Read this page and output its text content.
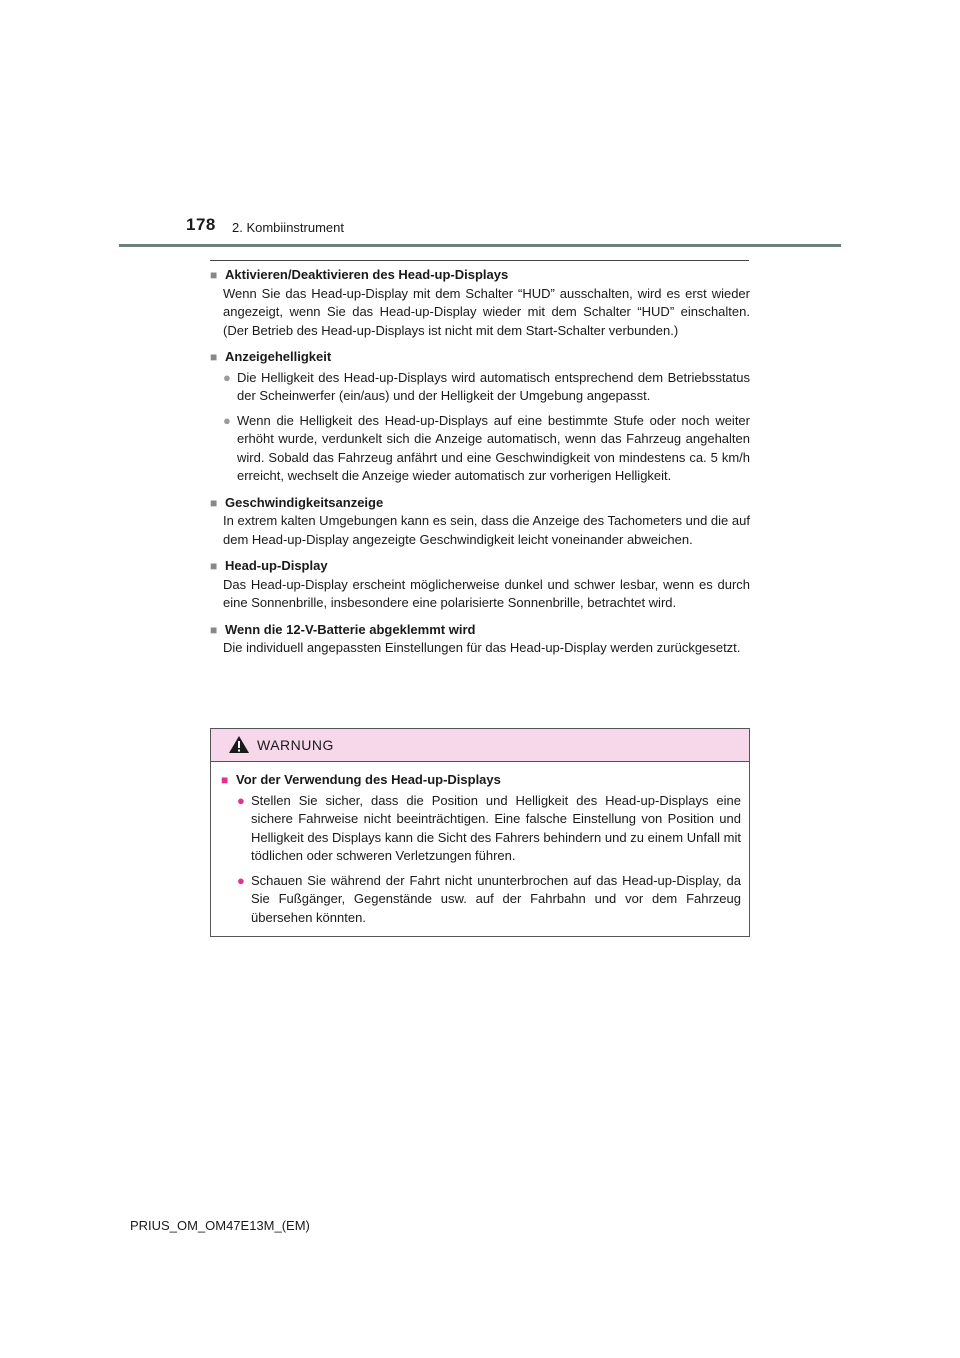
178 2. Kombiinstrument
■ Aktivieren/Deaktivieren des Head-up-Displays
Wenn Sie das Head-up-Display mit dem Schalter “HUD” ausschalten, wird es erst wieder angezeigt, wenn Sie das Head-up-Display wieder mit dem Schalter “HUD” einschalten. (Der Betrieb des Head-up-Displays ist nicht mit dem Start-Schalter verbunden.)
■ Anzeigehelligkeit
● Die Helligkeit des Head-up-Displays wird automatisch entsprechend dem Betriebsstatus der Scheinwerfer (ein/aus) und der Helligkeit der Umgebung angepasst.
● Wenn die Helligkeit des Head-up-Displays auf eine bestimmte Stufe oder noch weiter erhöht wurde, verdunkelt sich die Anzeige automatisch, wenn das Fahrzeug angehalten wird. Sobald das Fahrzeug anfährt und eine Geschwindigkeit von mindestens ca. 5 km/h erreicht, wechselt die Anzeige wieder automatisch zur vorherigen Helligkeit.
■ Geschwindigkeitsanzeige
In extrem kalten Umgebungen kann es sein, dass die Anzeige des Tachometers und die auf dem Head-up-Display angezeigte Geschwindigkeit leicht voneinander abweichen.
■ Head-up-Display
Das Head-up-Display erscheint möglicherweise dunkel und schwer lesbar, wenn es durch eine Sonnenbrille, insbesondere eine polarisierte Sonnenbrille, betrachtet wird.
■ Wenn die 12-V-Batterie abgeklemmt wird
Die individuell angepassten Einstellungen für das Head-up-Display werden zurückgesetzt.
WARNUNG
■ Vor der Verwendung des Head-up-Displays
● Stellen Sie sicher, dass die Position und Helligkeit des Head-up-Displays eine sichere Fahrweise nicht beeinträchtigen. Eine falsche Einstellung von Position und Helligkeit des Displays kann die Sicht des Fahrers behindern und zu einem Unfall mit tödlichen oder schweren Verletzungen führen.
● Schauen Sie während der Fahrt nicht ununterbrochen auf das Head-up-Display, da Sie Fußgänger, Gegenstände usw. auf der Fahrbahn und vor dem Fahrzeug übersehen könnten.
PRIUS_OM_OM47E13M_(EM)
